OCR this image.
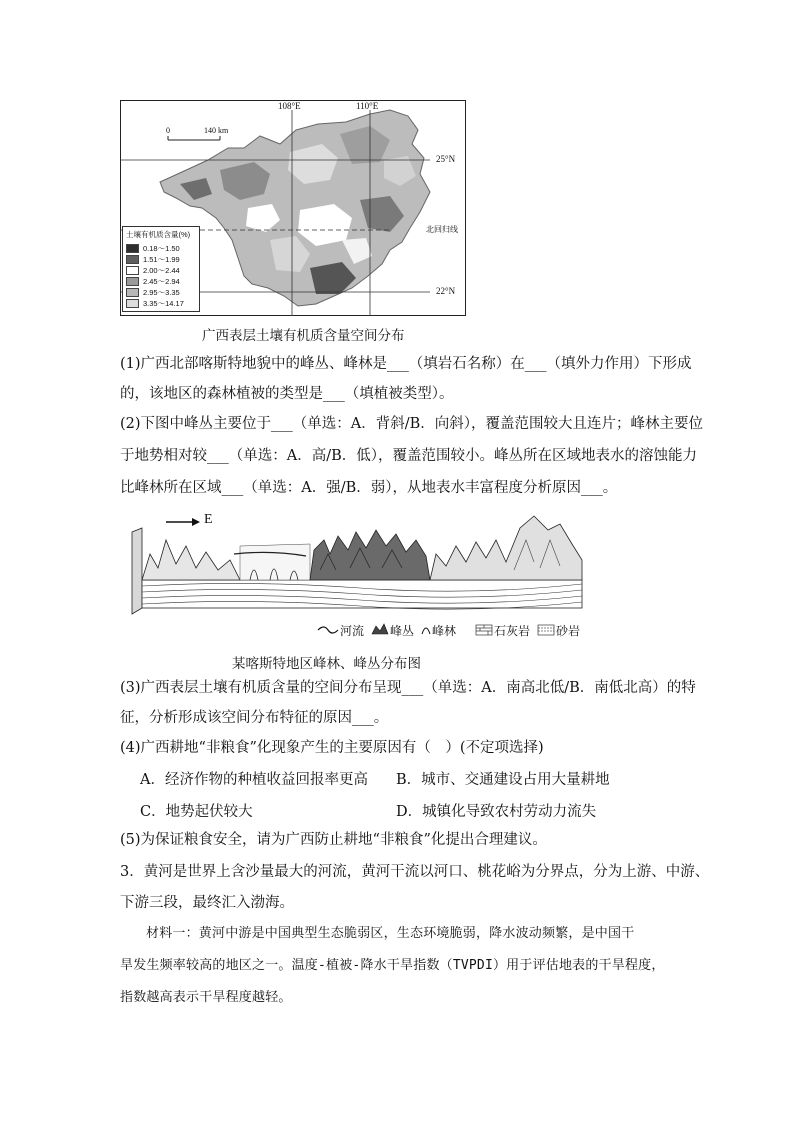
108°E	110°E
25°N
北回归线
22°N
0	140 km
土壤有机质含量(%)
0.18～1.50
1.51～1.99
2.00～2.44
2.45～2.94
2.95～3.35
3.35～14.17
广西表层土壤有机质含量空间分布
(1)广西北部喀斯特地貌中的峰丛、峰林是___（填岩石名称）在___（填外力作用）下形成
的，该地区的森林植被的类型是___（填植被类型）。
(2)下图中峰丛主要位于___（单选：A．背斜/B．向斜），覆盖范围较大且连片；峰林主要位
于地势相对较___（单选：A．高/B．低），覆盖范围较小。峰丛所在区域地表水的溶蚀能力
比峰林所在区域___（单选：A．强/B．弱），从地表水丰富程度分析原因___。
E
河流 峰丛 峰林	石灰岩 砂岩
某喀斯特地区峰林、峰丛分布图
(3)广西表层土壤有机质含量的空间分布呈现___（单选：A．南高北低/B．南低北高）的特
征，分析形成该空间分布特征的原因___。
(4)广西耕地“非粮食”化现象产生的主要原因有（　）(不定项选择)
A．经济作物的种植收益回报率更高 B．城市、交通建设占用大量耕地
C．地势起伏较大	D．城镇化导致农村劳动力流失
(5)为保证粮食安全，请为广西防止耕地“非粮食”化提出合理建议。
3．黄河是世界上含沙量最大的河流，黄河干流以河口、桃花峪为分界点，分为上游、中游、
下游三段，最终汇入渤海。
材料一：黄河中游是中国典型生态脆弱区，生态环境脆弱，降水波动频繁，是中国干
旱发生频率较高的地区之一。温度-植被-降水干旱指数（TVPDI）用于评估地表的干旱程度，
指数越高表示干旱程度越轻。
